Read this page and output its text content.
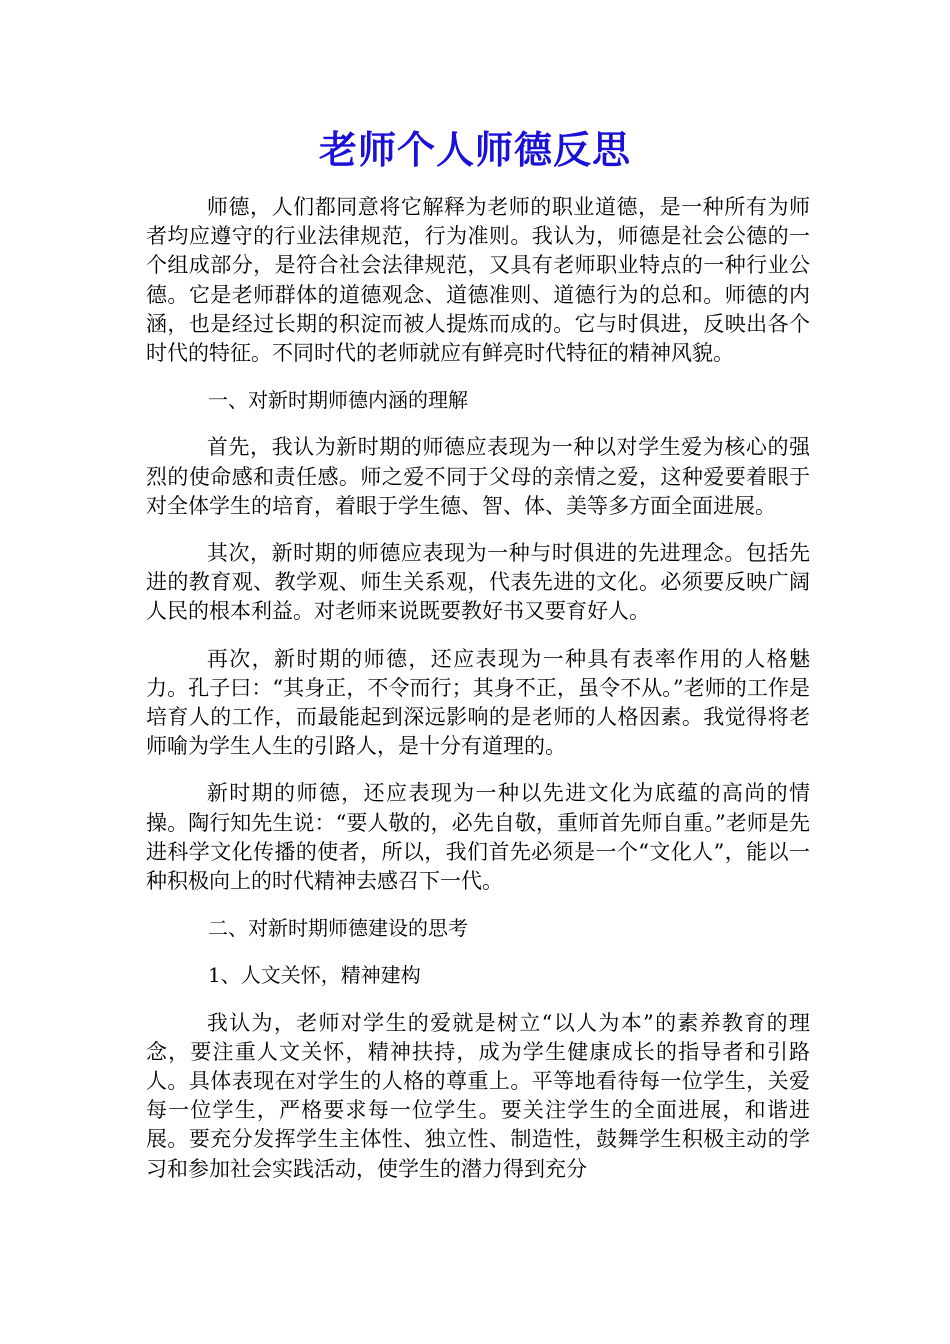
老师个人师德反思

师德，人们都同意将它解释为老师的职业道德，是一种所有为师者均应遵守的行业法律规范，行为准则。我认为，师德是社会公德的一个组成部分，是符合社会法律规范，又具有老师职业特点的一种行业公德。它是老师群体的道德观念、道德准则、道德行为的总和。师德的内涵，也是经过长期的积淀而被人提炼而成的。它与时俱进，反映出各个时代的特征。不同时代的老师就应有鲜亮时代特征的精神风貌。

一、对新时期师德内涵的理解

首先，我认为新时期的师德应表现为一种以对学生爱为核心的强烈的使命感和责任感。师之爱不同于父母的亲情之爱，这种爱要着眼于对全体学生的培育，着眼于学生德、智、体、美等多方面全面进展。

其次，新时期的师德应表现为一种与时俱进的先进理念。包括先进的教育观、教学观、师生关系观，代表先进的文化。必须要反映广阔人民的根本利益。对老师来说既要教好书又要育好人。

再次，新时期的师德，还应表现为一种具有表率作用的人格魅力。孔子曰：“其身正，不令而行；其身不正，虽令不从。”老师的工作是培育人的工作，而最能起到深远影响的是老师的人格因素。我觉得将老师喻为学生人生的引路人，是十分有道理的。

新时期的师德，还应表现为一种以先进文化为底蕴的高尚的情操。陶行知先生说：“要人敬的，必先自敬，重师首先师自重。”老师是先进科学文化传播的使者，所以，我们首先必须是一个“文化人”，能以一种积极向上的时代精神去感召下一代。

二、对新时期师德建设的思考

1、人文关怀，精神建构

我认为，老师对学生的爱就是树立“以人为本”的素养教育的理念，要注重人文关怀，精神扶持，成为学生健康成长的指导者和引路人。具体表现在对学生的人格的尊重上。平等地看待每一位学生，关爱每一位学生，严格要求每一位学生。要关注学生的全面进展，和谐进展。要充分发挥学生主体性、独立性、制造性，鼓舞学生积极主动的学习和参加社会实践活动，使学生的潜力得到充分
